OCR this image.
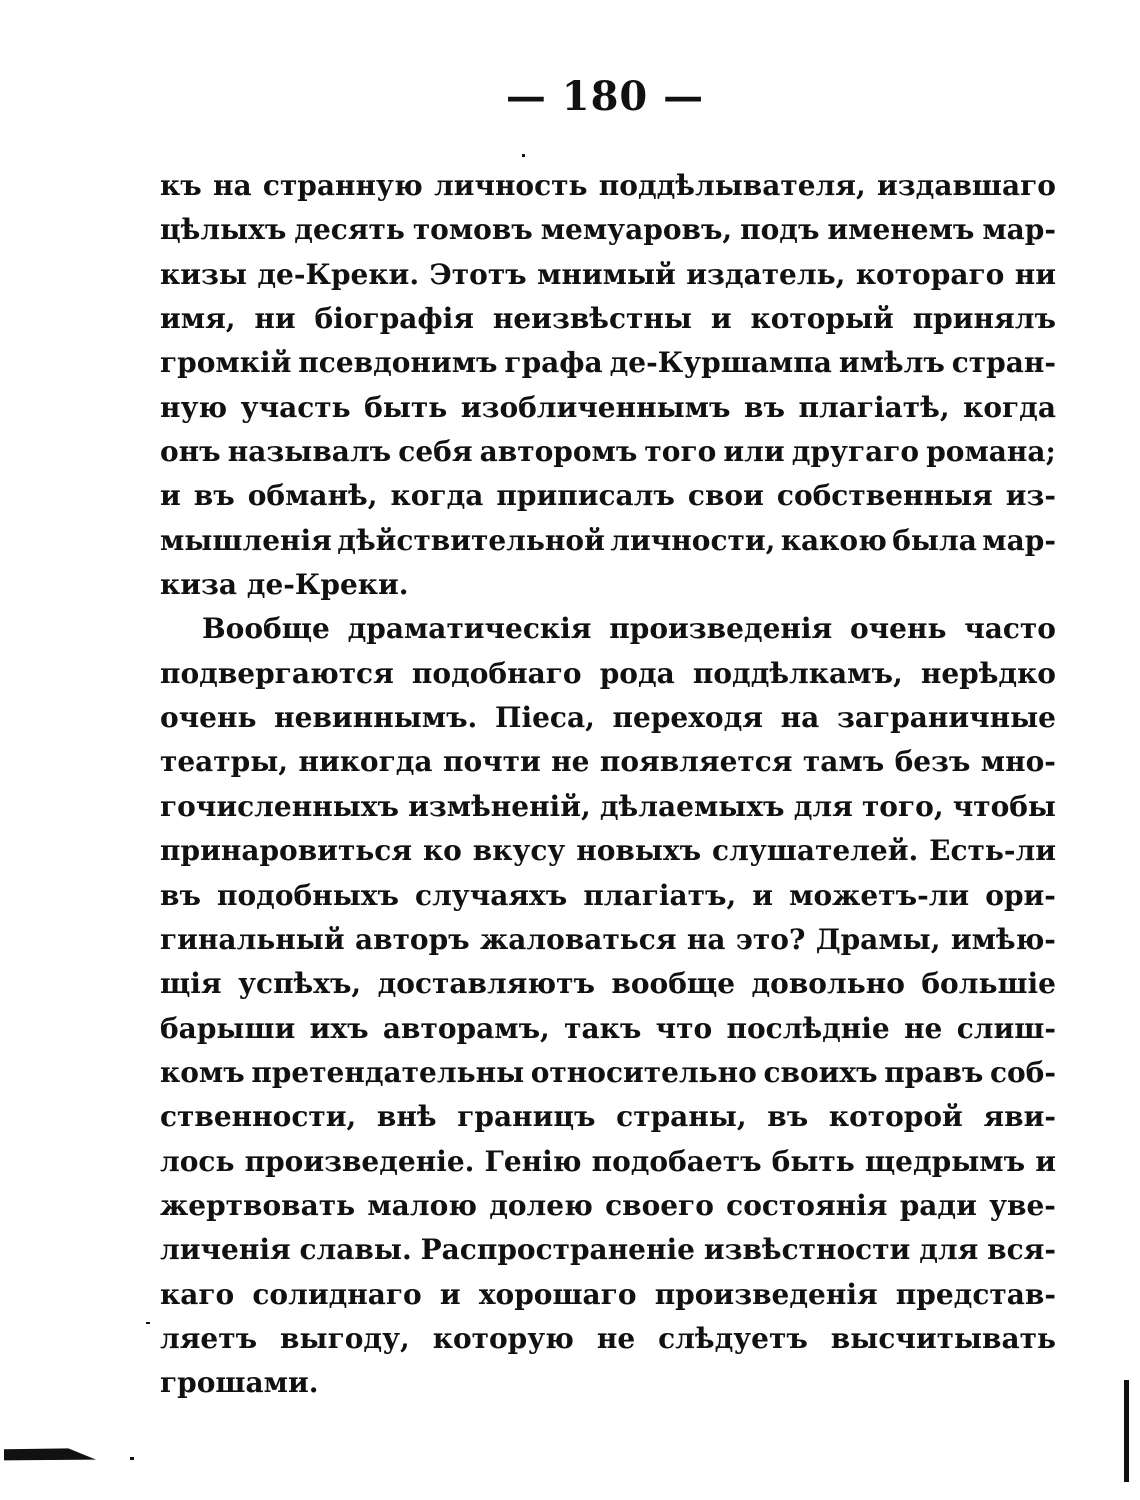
— 180 —
къ на странную личность поддѣлывателя, издавшаго
цѣлыхъ десять томовъ мемуаровъ, подъ именемъ мар-
кизы де-Креки. Этотъ мнимый издатель, котораго ни
имя, ни біографія неизвѣстны и который принялъ
громкій псевдонимъ графа де-Куршампа имѣлъ стран-
ную участь быть изобличеннымъ въ плагіатѣ, когда
онъ называлъ себя авторомъ того или другаго романа;
и въ обманѣ, когда приписалъ свои собственныя из-
мышленія дѣйствительной личности, какою была мар-
киза де-Креки.
Вообще драматическія произведенія очень часто
подвергаются подобнаго рода поддѣлкамъ, нерѣдко
очень невиннымъ. Піеса, переходя на заграничные
театры, никогда почти не появляется тамъ безъ мно-
гочисленныхъ измѣненій, дѣлаемыхъ для того, чтобы
принаровиться ко вкусу новыхъ слушателей. Есть-ли
въ подобныхъ случаяхъ плагіатъ, и можетъ-ли ори-
гинальный авторъ жаловаться на это? Драмы, имѣю-
щія успѣхъ, доставляютъ вообще довольно большіе
барыши ихъ авторамъ, такъ что послѣдніе не слиш-
комъ претендательны относительно своихъ правъ соб-
ственности, внѣ границъ страны, въ которой яви-
лось произведеніе. Генію подобаетъ быть щедрымъ и
жертвовать малою долею своего состоянія ради уве-
личенія славы. Распространеніе извѣстности для вся-
каго солиднаго и хорошаго произведенія представ-
ляетъ выгоду, которую не слѣдуетъ высчитывать
грошами.
